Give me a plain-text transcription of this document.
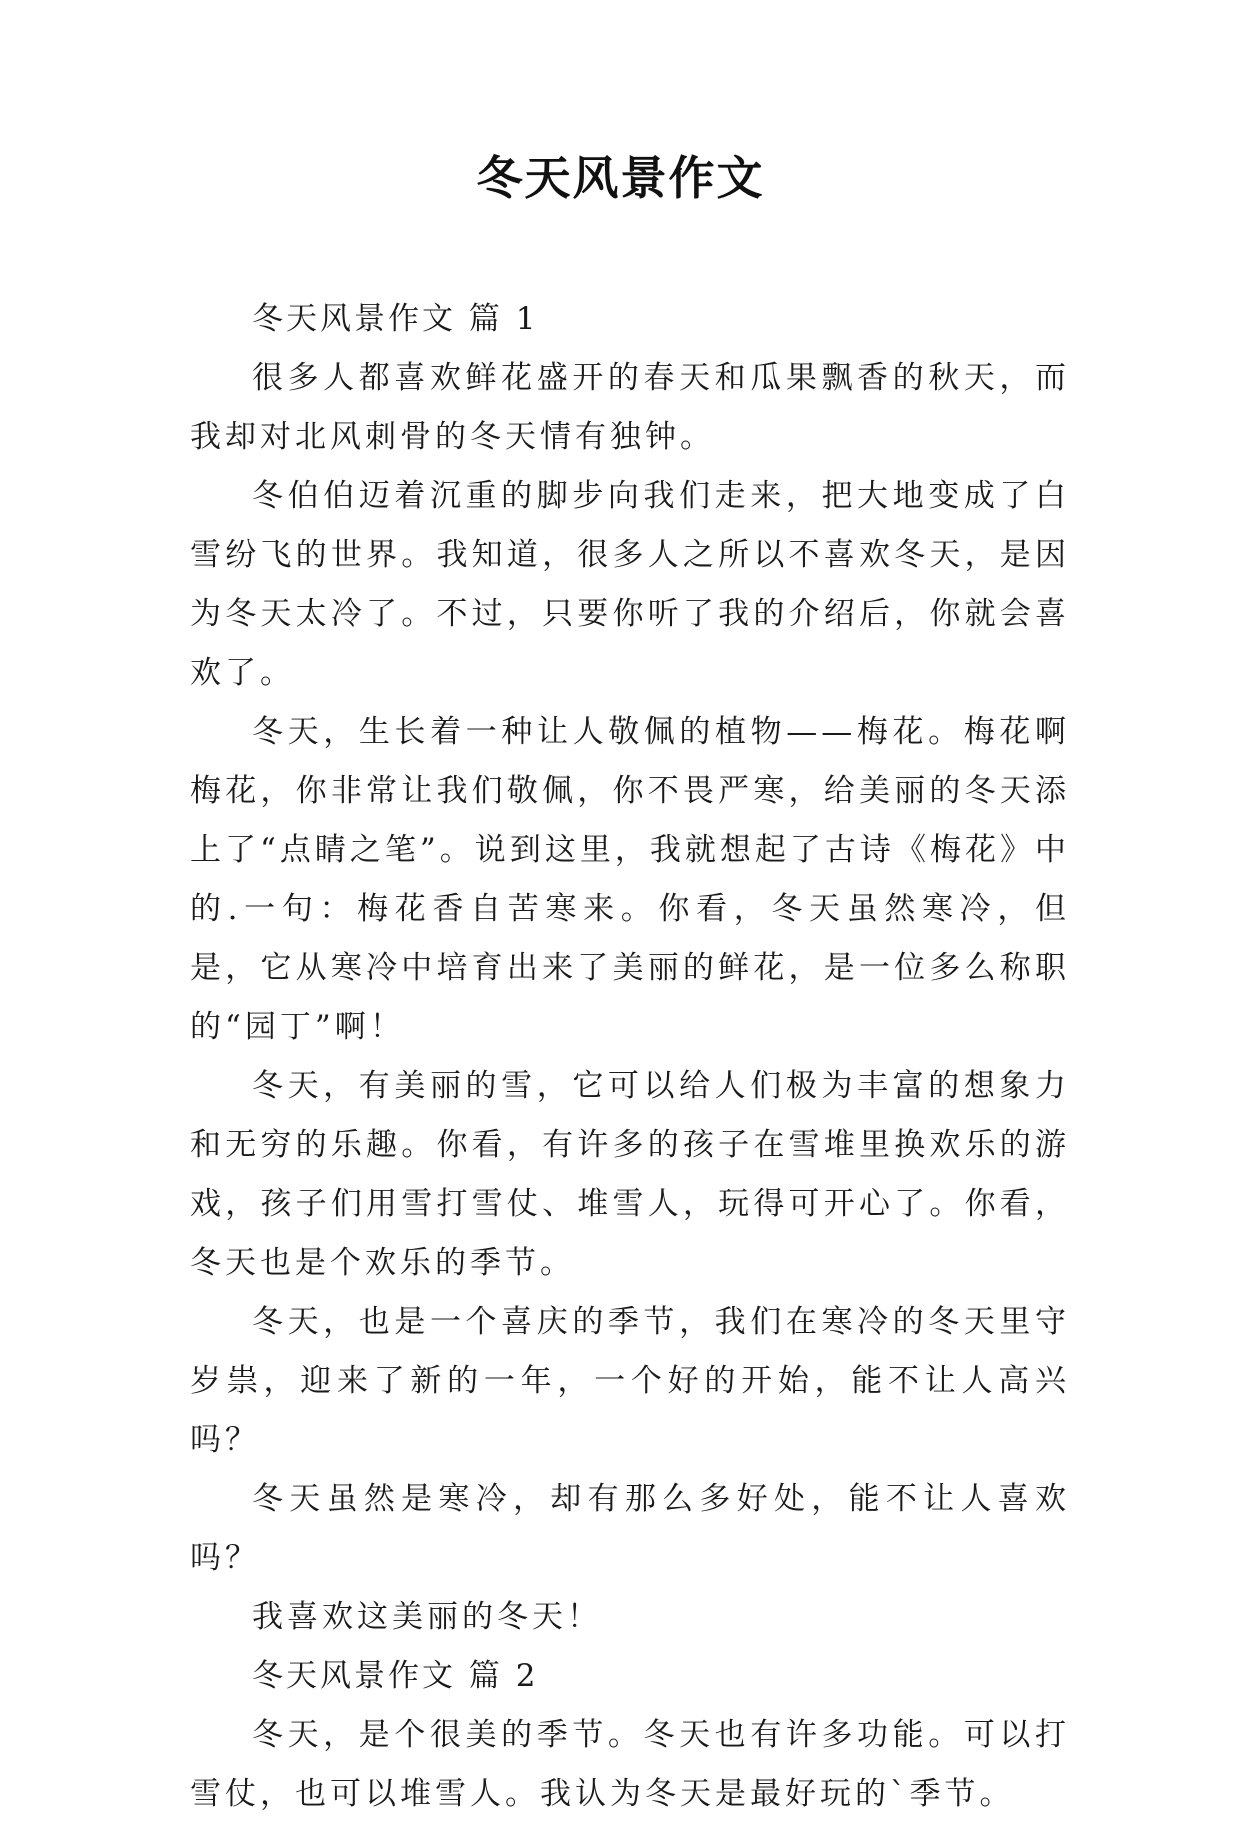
冬天风景作文

冬天风景作文 篇 1

很多人都喜欢鲜花盛开的春天和瓜果飘香的秋天，而我却对北风刺骨的冬天情有独钟。

冬伯伯迈着沉重的脚步向我们走来，把大地变成了白雪纷飞的世界。我知道，很多人之所以不喜欢冬天，是因为冬天太冷了。不过，只要你听了我的介绍后，你就会喜欢了。

冬天，生长着一种让人敬佩的植物——梅花。梅花啊梅花，你非常让我们敬佩，你不畏严寒，给美丽的冬天添上了“点睛之笔”。说到这里，我就想起了古诗《梅花》中的.一句：梅花香自苦寒来。你看，冬天虽然寒冷，但是，它从寒冷中培育出来了美丽的鲜花，是一位多么称职的“园丁”啊！

冬天，有美丽的雪，它可以给人们极为丰富的想象力和无穷的乐趣。你看，有许多的孩子在雪堆里换欢乐的游戏，孩子们用雪打雪仗、堆雪人，玩得可开心了。你看，冬天也是个欢乐的季节。

冬天，也是一个喜庆的季节，我们在寒冷的冬天里守岁祟，迎来了新的一年，一个好的开始，能不让人高兴吗？

冬天虽然是寒冷，却有那么多好处，能不让人喜欢吗？

我喜欢这美丽的冬天！

冬天风景作文 篇 2

冬天，是个很美的季节。冬天也有许多功能。可以打雪仗，也可以堆雪人。我认为冬天是最好玩的`季节。
